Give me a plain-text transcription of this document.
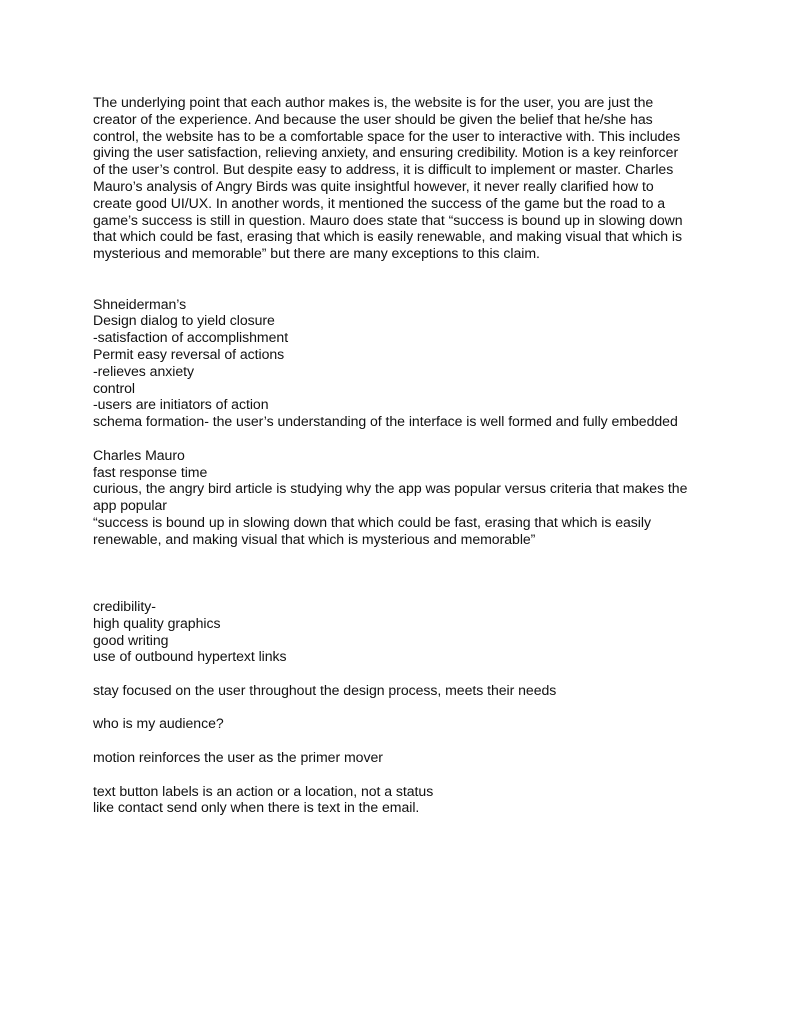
The underlying point that each author makes is, the website is for the user, you are just the
creator of the experience. And because the user should be given the belief that he/she has
control, the website has to be a comfortable space for the user to interactive with. This includes
giving the user satisfaction, relieving anxiety, and ensuring credibility. Motion is a key reinforcer
of the user’s control. But despite easy to address, it is difficult to implement or master. Charles
Mauro’s analysis of Angry Birds was quite insightful however, it never really clarified how to
create good UI/UX. In another words, it mentioned the success of the game but the road to a
game’s success is still in question. Mauro does state that “success is bound up in slowing down
that which could be fast, erasing that which is easily renewable, and making visual that which is
mysterious and memorable” but there are many exceptions to this claim.
Shneiderman’s
Design dialog to yield closure
-satisfaction of accomplishment
Permit easy reversal of actions
-relieves anxiety
control
-users are initiators of action
schema formation- the user’s understanding of the interface is well formed and fully embedded
Charles Mauro
fast response time
curious, the angry bird article is studying why the app was popular versus criteria that makes the
app popular
“success is bound up in slowing down that which could be fast, erasing that which is easily
renewable, and making visual that which is mysterious and memorable”
credibility-
high quality graphics
good writing
use of outbound hypertext links
stay focused on the user throughout the design process, meets their needs
who is my audience?
motion reinforces the user as the primer mover
text button labels is an action or a location, not a status
like contact send only when there is text in the email.
